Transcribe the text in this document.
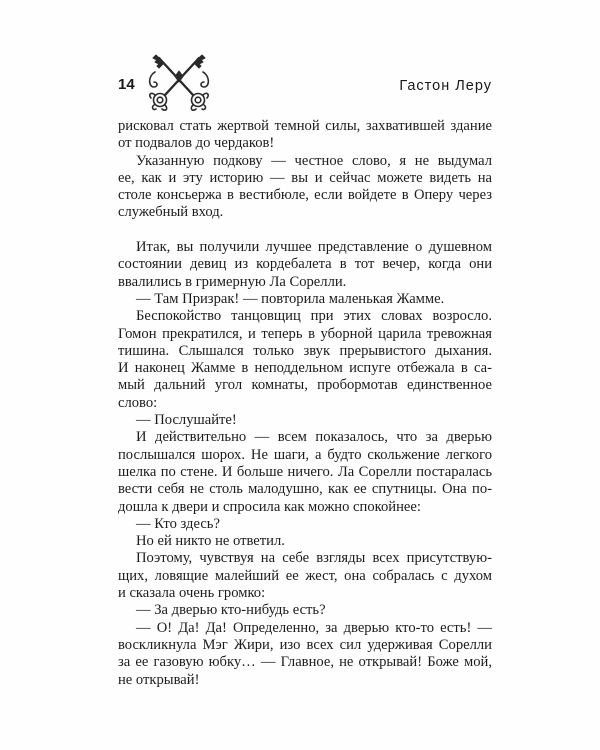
14	Гастон Леру
рисковал стать жертвой темной силы, захватившей здание
от подвалов до чердаков!
Указанную подкову — честное слово, я не выдумал
ее, как и эту историю — вы и сейчас можете видеть на
столе консьержа в вестибюле, если войдете в Оперу через
служебный вход.
Итак, вы получили лучшее представление о душевном
состоянии девиц из кордебалета в тот вечер, когда они
ввалились в гримерную Ла Сорелли.
— Там Призрак! — повторила маленькая Жамме.
Беспокойство танцовщиц при этих словах возросло.
Гомон прекратился, и теперь в уборной царила тревожная
тишина. Слышался только звук прерывистого дыхания.
И наконец Жамме в неподдельном испуге отбежала в са-
мый дальний угол комнаты, пробормотав единственное
слово:
— Послушайте!
И действительно — всем показалось, что за дверью
послышался шорох. Не шаги, а будто скольжение легкого
шелка по стене. И больше ничего. Ла Сорелли постаралась
вести себя не столь малодушно, как ее спутницы. Она по-
дошла к двери и спросила как можно спокойнее:
— Кто здесь?
Но ей никто не ответил.
Поэтому, чувствуя на себе взгляды всех присутствую-
щих, ловящие малейший ее жест, она собралась с духом
и сказала очень громко:
— За дверью кто-нибудь есть?
— О! Да! Да! Определенно, за дверью кто-то есть! —
воскликнула Мэг Жири, изо всех сил удерживая Сорелли
за ее газовую юбку… — Главное, не открывай! Боже мой,
не открывай!
